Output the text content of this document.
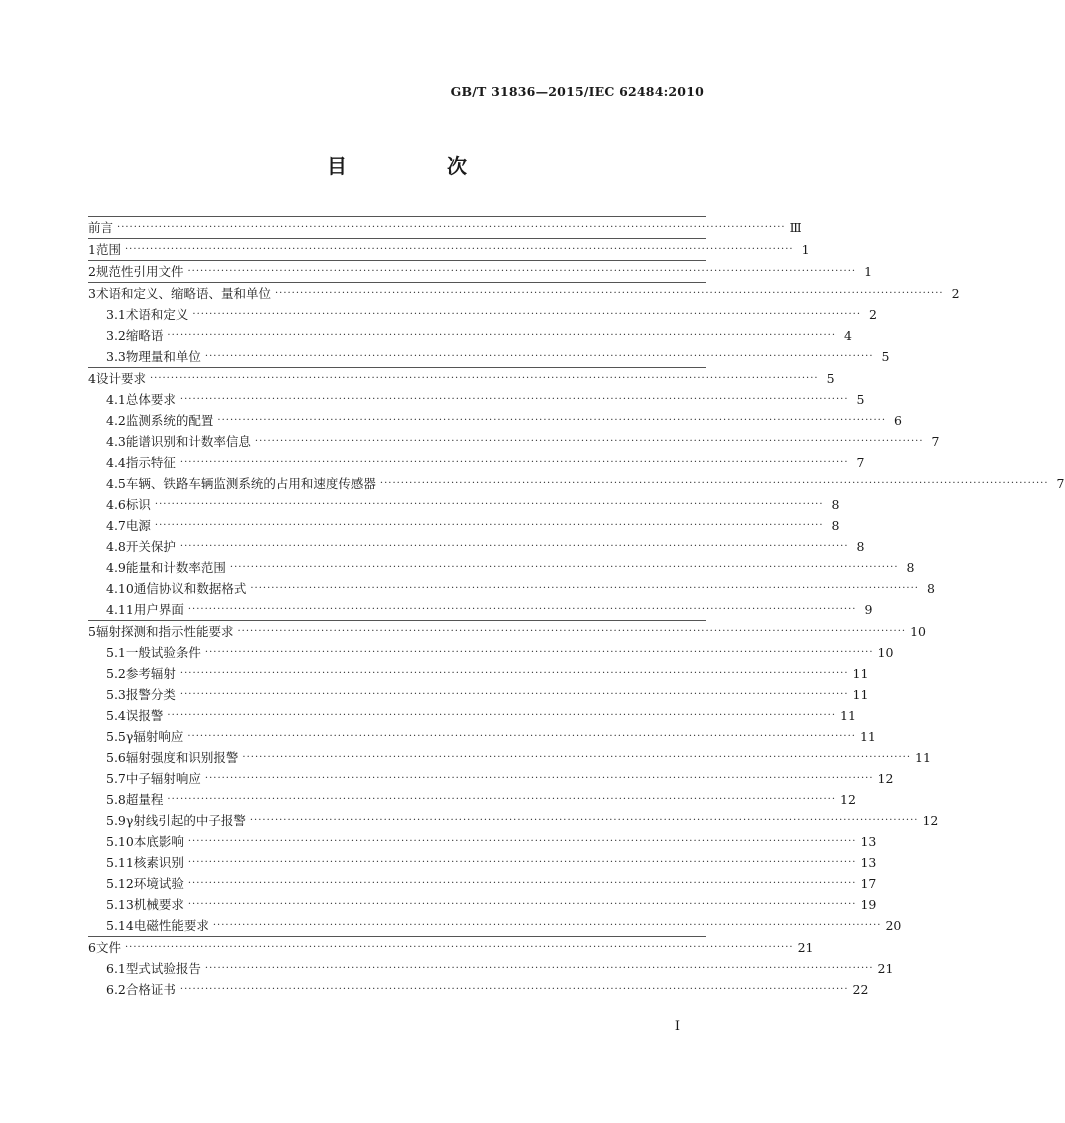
GB/T 31836—2015/IEC 62484:2010
目　次
前言 ································································································································································ Ⅲ
1 范围 ································································································································································ 1
2 规范性引用文件 ································································································································································ 1
3 术语和定义、缩略语、量和单位 ································································································································································ 2
3.1 术语和定义 ································································································································································ 2
3.2 缩略语 ································································································································································ 4
3.3 物理量和单位 ································································································································································ 5
4 设计要求 ································································································································································ 5
4.1 总体要求 ································································································································································ 5
4.2 监测系统的配置 ································································································································································ 6
4.3 能谱识别和计数率信息 ································································································································································ 7
4.4 指示特征 ································································································································································ 7
4.5 车辆、铁路车辆监测系统的占用和速度传感器 ································································································································································ 7
4.6 标识 ································································································································································ 8
4.7 电源 ································································································································································ 8
4.8 开关保护 ································································································································································ 8
4.9 能量和计数率范围 ································································································································································ 8
4.10 通信协议和数据格式 ································································································································································ 8
4.11 用户界面 ································································································································································ 9
5 辐射探测和指示性能要求 ································································································································································ 10
5.1 一般试验条件 ································································································································································ 10
5.2 参考辐射 ································································································································································ 11
5.3 报警分类 ································································································································································ 11
5.4 误报警 ································································································································································ 11
5.5 γ辐射响应 ································································································································································ 11
5.6 辐射强度和识别报警 ································································································································································ 11
5.7 中子辐射响应 ································································································································································ 12
5.8 超量程 ································································································································································ 12
5.9 γ射线引起的中子报警 ································································································································································ 12
5.10 本底影响 ································································································································································ 13
5.11 核素识别 ································································································································································ 13
5.12 环境试验 ································································································································································ 17
5.13 机械要求 ································································································································································ 19
5.14 电磁性能要求 ································································································································································ 20
6 文件 ································································································································································ 21
6.1 型式试验报告 ································································································································································ 21
6.2 合格证书 ································································································································································ 22
I
